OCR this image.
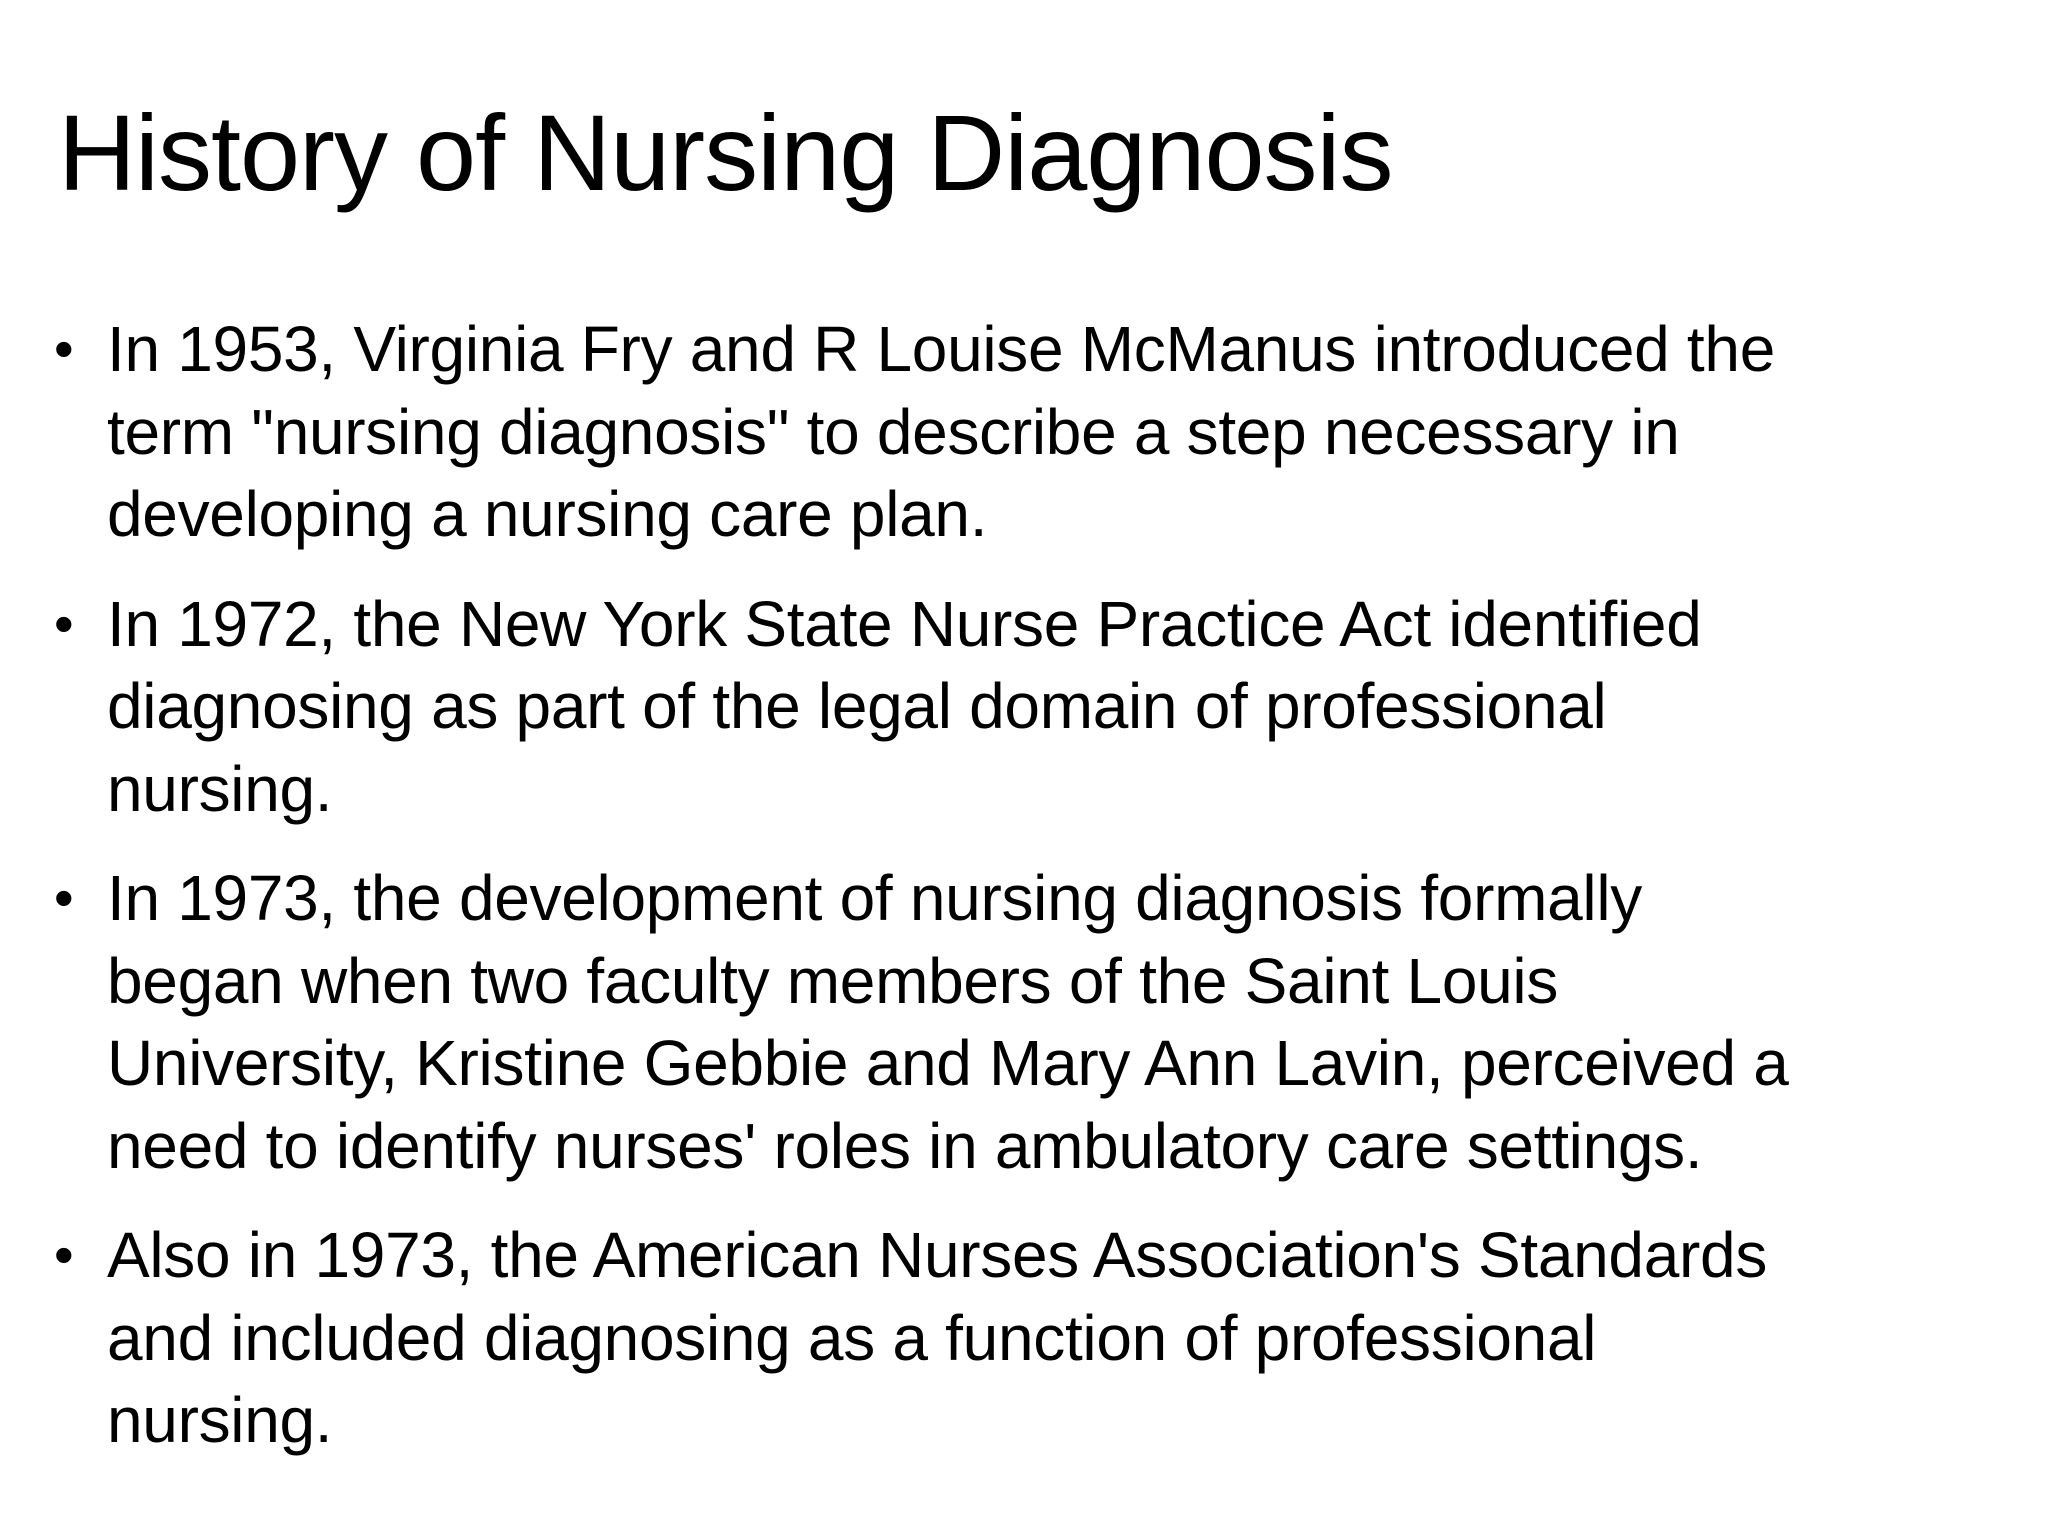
History of Nursing Diagnosis
• In 1953, Virginia Fry and R Louise McManus introduced the
term "nursing diagnosis" to describe a step necessary in
developing a nursing care plan.
• In 1972, the New York State Nurse Practice Act identified
diagnosing as part of the legal domain of professional
nursing.
• In 1973, the development of nursing diagnosis formally
began when two faculty members of the Saint Louis
University, Kristine Gebbie and Mary Ann Lavin, perceived a
need to identify nurses' roles in ambulatory care settings.
• Also in 1973, the American Nurses Association's Standards
and included diagnosing as a function of professional
nursing.
